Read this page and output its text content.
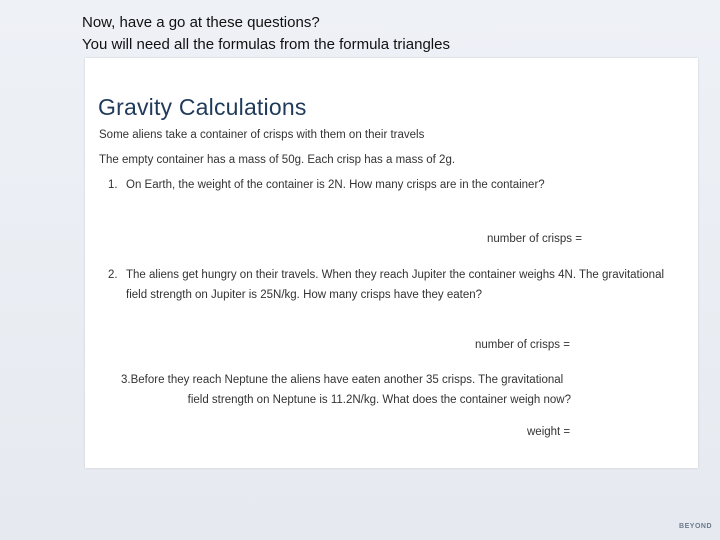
Now, have a go at these questions?
You will need all the formulas from the formula triangles
Gravity Calculations
Some aliens take a container of crisps with them on their travels
The empty container has a mass of 50g. Each crisp has a mass of 2g.
1. On Earth, the weight of the container is 2N. How many crisps are in the container?
number of crisps =
2. The aliens get hungry on their travels. When they reach Jupiter the container weighs 4N. The gravitational
field strength on Jupiter is 25N/kg. How many crisps have they eaten?
number of crisps =
3.Before they reach Neptune the aliens have eaten another 35 crisps. The gravitational
field strength on Neptune is 11.2N/kg. What does the container weigh now?
weight =
BEYOND
